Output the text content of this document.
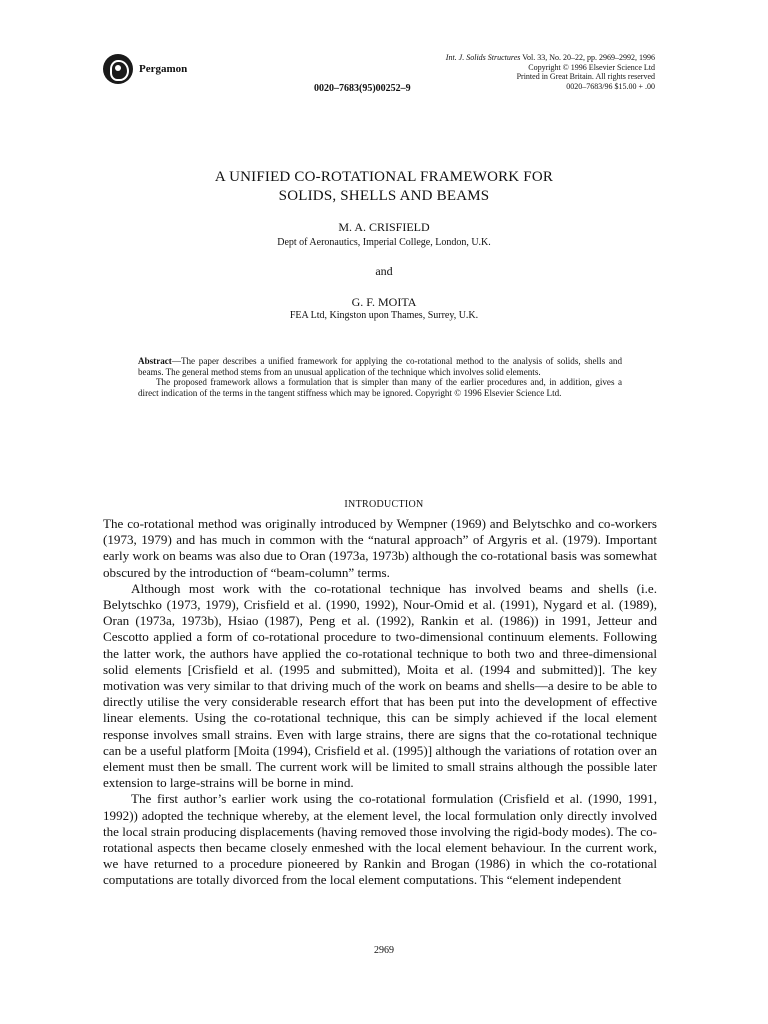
Pergamon
Int. J. Solids Structures Vol. 33, No. 20–22, pp. 2969–2992, 1996
Copyright © 1996 Elsevier Science Ltd
Printed in Great Britain. All rights reserved
0020–7683/96 $15.00 + .00
0020–7683(95)00252–9
A UNIFIED CO-ROTATIONAL FRAMEWORK FOR
SOLIDS, SHELLS AND BEAMS
M. A. CRISFIELD
Dept of Aeronautics, Imperial College, London, U.K.
and
G. F. MOITA
FEA Ltd, Kingston upon Thames, Surrey, U.K.

Abstract—The paper describes a unified framework for applying the co-rotational method to the analysis of solids, shells and beams. The general method stems from an unusual application of the technique which involves solid elements.

The proposed framework allows a formulation that is simpler than many of the earlier procedures and, in addition, gives a direct indication of the terms in the tangent stiffness which may be ignored. Copyright © 1996 Elsevier Science Ltd.

INTRODUCTION

The co-rotational method was originally introduced by Wempner (1969) and Belytschko and co-workers (1973, 1979) and has much in common with the “natural approach” of Argyris et al. (1979). Important early work on beams was also due to Oran (1973a, 1973b) although the co-rotational basis was somewhat obscured by the introduction of “beam-column” terms.

Although most work with the co-rotational technique has involved beams and shells (i.e. Belytschko (1973, 1979), Crisfield et al. (1990, 1992), Nour-Omid et al. (1991), Nygard et al. (1989), Oran (1973a, 1973b), Hsiao (1987), Peng et al. (1992), Rankin et al. (1986)) in 1991, Jetteur and Cescotto applied a form of co-rotational procedure to two-dimensional continuum elements. Following the latter work, the authors have applied the co-rotational technique to both two and three-dimensional solid elements [Crisfield et al. (1995 and submitted), Moita et al. (1994 and submitted)]. The key motivation was very similar to that driving much of the work on beams and shells—a desire to be able to directly utilise the very considerable research effort that has been put into the development of effective linear elements. Using the co-rotational technique, this can be simply achieved if the local element response involves small strains. Even with large strains, there are signs that the co-rotational technique can be a useful platform [Moita (1994), Crisfield et al. (1995)] although the variations of rotation over an element must then be small. The current work will be limited to small strains although the possible later extension to large-strains will be borne in mind.

The first author’s earlier work using the co-rotational formulation (Crisfield et al. (1990, 1991, 1992)) adopted the technique whereby, at the element level, the local formulation only directly involved the local strain producing displacements (having removed those involving the rigid-body modes). The co-rotational aspects then became closely enmeshed with the local element behaviour. In the current work, we have returned to a procedure pioneered by Rankin and Brogan (1986) in which the co-rotational computations are totally divorced from the local element computations. This “element independent

2969
